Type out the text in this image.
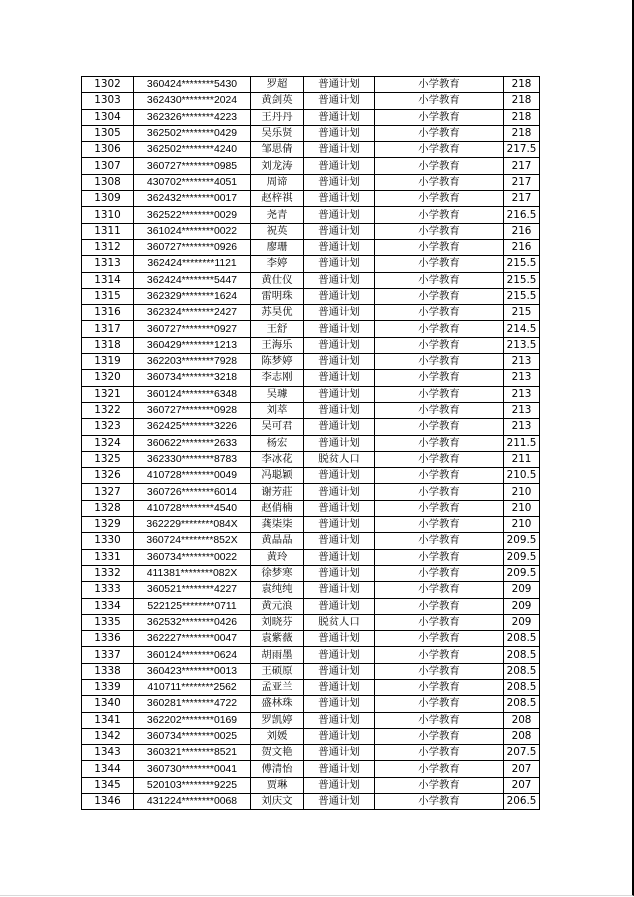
1302	360424********5430	罗超	普通计划	小学教育	218
1303	362430********2024	黄剑英	普通计划	小学教育	218
1304	362326********4223	王丹丹	普通计划	小学教育	218
1305	362502********0429	吴乐贤	普通计划	小学教育	218
1306	362502********4240	邹思倩	普通计划	小学教育	217.5
1307	360727********0985	刘龙涛	普通计划	小学教育	217
1308	430702********4051	周谛	普通计划	小学教育	217
1309	362432********0017	赵梓祺	普通计划	小学教育	217
1310	362522********0029	尧青	普通计划	小学教育	216.5
1311	361024********0022	祝英	普通计划	小学教育	216
1312	360727********0926	廖珊	普通计划	小学教育	216
1313	362424********1121	李婷	普通计划	小学教育	215.5
1314	362424********5447	黄仕仪	普通计划	小学教育	215.5
1315	362329********1624	雷明珠	普通计划	小学教育	215.5
1316	362324********2427	苏昊优	普通计划	小学教育	215
1317	360727********0927	王舒	普通计划	小学教育	214.5
1318	360429********1213	王海乐	普通计划	小学教育	213.5
1319	362203********7928	陈梦婷	普通计划	小学教育	213
1320	360734********3218	李志刚	普通计划	小学教育	213
1321	360124********6348	吴璩	普通计划	小学教育	213
1322	360727********0928	刘萃	普通计划	小学教育	213
1323	362425********3226	吴可君	普通计划	小学教育	213
1324	360622********2633	杨宏	普通计划	小学教育	211.5
1325	362330********8783	李冰花	脱贫人口	小学教育	211
1326	410728********0049	冯聪颖	普通计划	小学教育	210.5
1327	360726********6014	谢芳莊	普通计划	小学教育	210
1328	410728********4540	赵俏楠	普通计划	小学教育	210
1329	362229********084X	龚柒柒	普通计划	小学教育	210
1330	360724********852X	黄晶晶	普通计划	小学教育	209.5
1331	360734********0022	黄玲	普通计划	小学教育	209.5
1332	411381********082X	徐梦寒	普通计划	小学教育	209.5
1333	360521********4227	袁纯纯	普通计划	小学教育	209
1334	522125********0711	黄元浪	普通计划	小学教育	209
1335	362532********0426	刘晓芬	脱贫人口	小学教育	209
1336	362227********0047	袁紫薇	普通计划	小学教育	208.5
1337	360124********0624	胡雨墨	普通计划	小学教育	208.5
1338	360423********0013	王硕原	普通计划	小学教育	208.5
1339	410711********2562	孟亚兰	普通计划	小学教育	208.5
1340	360281********4722	盛林珠	普通计划	小学教育	208.5
1341	362202********0169	罗凯婷	普通计划	小学教育	208
1342	360734********0025	刘媛	普通计划	小学教育	208
1343	360321********8521	贺文艳	普通计划	小学教育	207.5
1344	360730********0041	傅清怡	普通计划	小学教育	207
1345	520103********9225	贾琳	普通计划	小学教育	207
1346	431224********0068	刘庆文	普通计划	小学教育	206.5
